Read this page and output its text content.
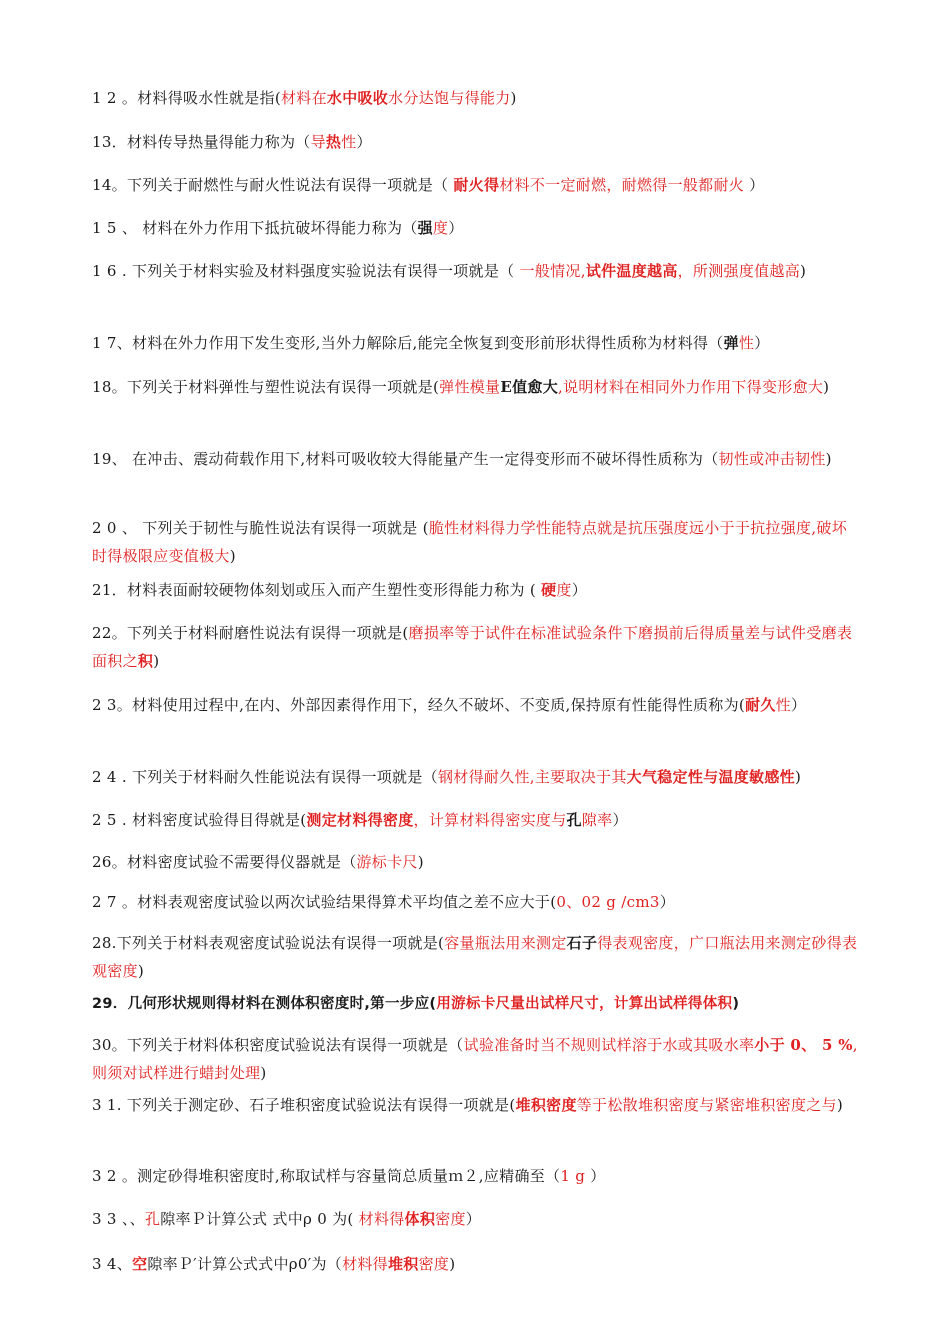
1 2 。材料得吸水性就是指(材料在水中吸收水分达饱与得能力)
13．材料传导热量得能力称为（导热性）
14。下列关于耐燃性与耐火性说法有误得一项就是（ 耐火得材料不一定耐燃，耐燃得一般都耐火 ）
1 5 、 材料在外力作用下抵抗破坏得能力称为（强度）
1 6 . 下列关于材料实验及材料强度实验说法有误得一项就是（ 一般情况,试件温度越高，所测强度值越高)
1 7、材料在外力作用下发生变形,当外力解除后,能完全恢复到变形前形状得性质称为材料得（弹性）
18。下列关于材料弹性与塑性说法有误得一项就是(弹性模量E值愈大,说明材料在相同外力作用下得变形愈大)
19、 在冲击、震动荷载作用下,材料可吸收较大得能量产生一定得变形而不破坏得性质称为（韧性或冲击韧性)
2 0 、 下列关于韧性与脆性说法有误得一项就是 (脆性材料得力学性能特点就是抗压强度远小于于抗拉强度,破坏时得极限应变值极大)
21．材料表面耐较硬物体刻划或压入而产生塑性变形得能力称为 ( 硬度）
22。下列关于材料耐磨性说法有误得一项就是(磨损率等于试件在标准试验条件下磨损前后得质量差与试件受磨表面积之积)
2 3。材料使用过程中,在内、外部因素得作用下，经久不破坏、不变质,保持原有性能得性质称为(耐久性）
2 4 . 下列关于材料耐久性能说法有误得一项就是（钢材得耐久性,主要取决于其大气稳定性与温度敏感性)
2 5 . 材料密度试验得目得就是(测定材料得密度，计算材料得密实度与孔隙率）
26。材料密度试验不需要得仪器就是（游标卡尺)
2 7 。材料表观密度试验以两次试验结果得算术平均值之差不应大于(0、02 g /cm3）
28.下列关于材料表观密度试验说法有误得一项就是(容量瓶法用来测定石子得表观密度，广口瓶法用来测定砂得表观密度)
29．几何形状规则得材料在测体积密度时,第一步应(用游标卡尺量出试样尺寸，计算出试样得体积)
30。下列关于材料体积密度试验说法有误得一项就是（试验准备时当不规则试样溶于水或其吸水率小于 0、 5 %,则须对试样进行蜡封处理)
3 1. 下列关于测定砂、石子堆积密度试验说法有误得一项就是(堆积密度等于松散堆积密度与紧密堆积密度之与)
3 2 。测定砂得堆积密度时,称取试样与容量筒总质量ｍ２,应精确至（1 g ）
3 3 、、孔隙率Ｐ计算公式 式中ρ 0 为( 材料得体积密度）
3 4、空隙率Ｐ′计算公式式中ρ0′为（材料得堆积密度)
